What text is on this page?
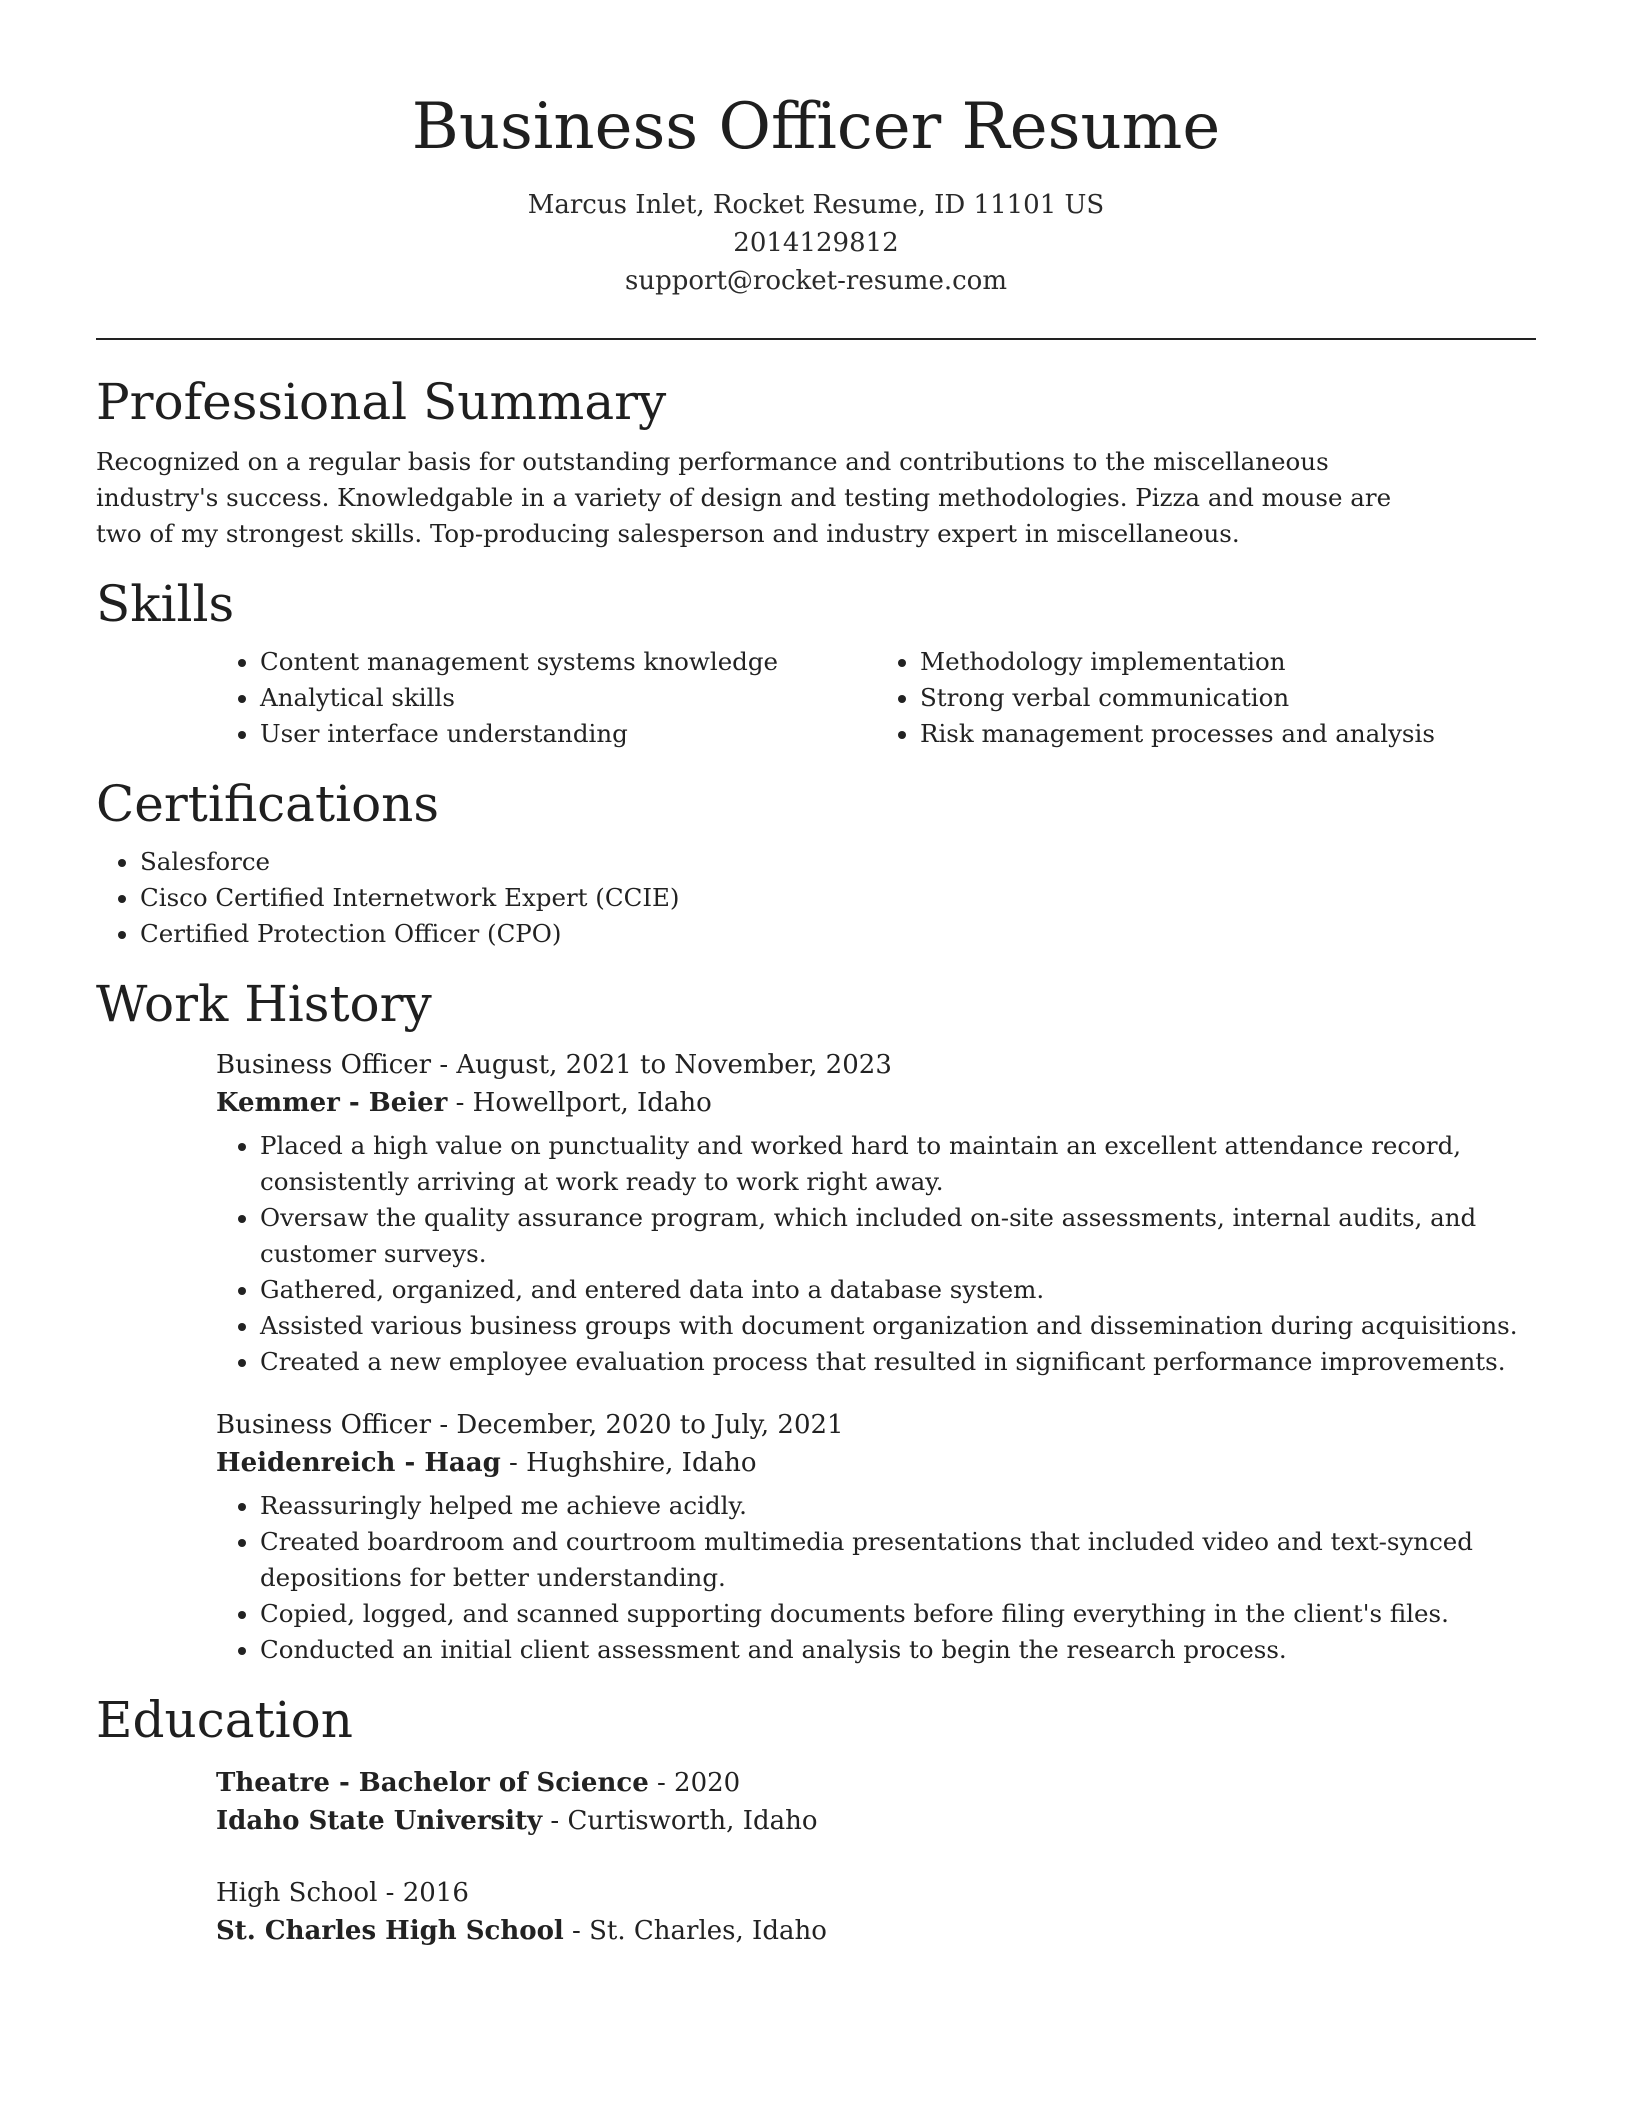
Business Officer Resume
Marcus Inlet, Rocket Resume, ID 11101 US
2014129812
support@rocket-resume.com
Professional Summary

Recognized on a regular basis for outstanding performance and contributions to the miscellaneous industry's success. Knowledgable in a variety of design and testing methodologies. Pizza and mouse are two of my strongest skills. Top-producing salesperson and industry expert in miscellaneous.

Skills
• Content management systems knowledge
• Analytical skills
• User interface understanding
• Methodology implementation
• Strong verbal communication
• Risk management processes and analysis
Certifications
• Salesforce
• Cisco Certified Internetwork Expert (CCIE)
• Certified Protection Officer (CPO)
Work History
Business Officer - August, 2021 to November, 2023
Kemmer - Beier - Howellport, Idaho
• Placed a high value on punctuality and worked hard to maintain an excellent attendance record, consistently arriving at work ready to work right away.
• Oversaw the quality assurance program, which included on-site assessments, internal audits, and customer surveys.
• Gathered, organized, and entered data into a database system.
• Assisted various business groups with document organization and dissemination during acquisitions.
• Created a new employee evaluation process that resulted in significant performance improvements.
Business Officer - December, 2020 to July, 2021
Heidenreich - Haag - Hughshire, Idaho
• Reassuringly helped me achieve acidly.
• Created boardroom and courtroom multimedia presentations that included video and text-synced depositions for better understanding.
• Copied, logged, and scanned supporting documents before filing everything in the client's files.
• Conducted an initial client assessment and analysis to begin the research process.
Education
Theatre - Bachelor of Science - 2020
Idaho State University - Curtisworth, Idaho
High School - 2016
St. Charles High School - St. Charles, Idaho
